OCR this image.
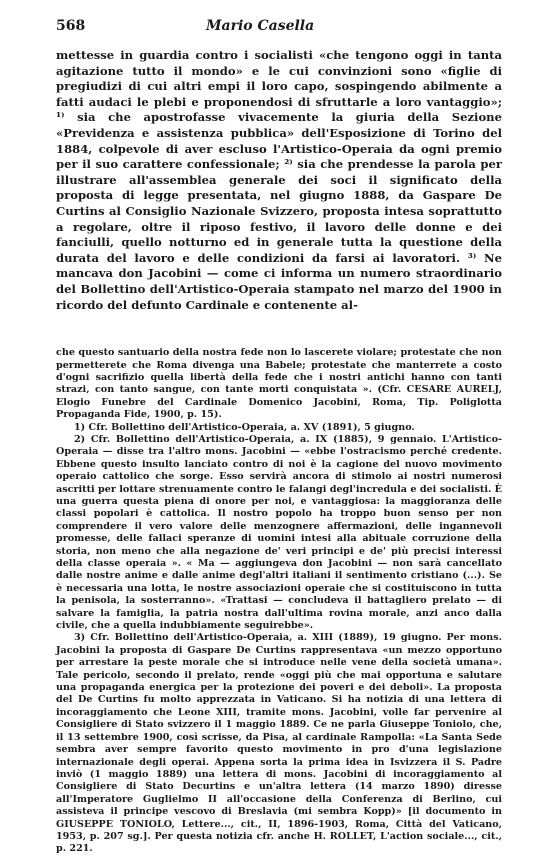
568	Mario Casella

mettesse in guardia contro i socialisti «che tengono oggi in tanta agitazione tutto il mondo» e le cui convinzioni sono «figlie di pregiudizi di cui altri empi il loro capo, sospingendo abilmente a fatti audaci le plebi e proponendosi di sfruttarle a loro vantaggio»; ¹⁾ sia che apostrofasse vivacemente la giuria della Sezione «Previdenza e assistenza pubblica» dell'Esposizione di Torino del 1884, colpevole di aver escluso l'Artistico-Operaia da ogni premio per il suo carattere confessionale; ²⁾ sia che prendesse la parola per illustrare all'assemblea generale dei soci il significato della proposta di legge presentata, nel giugno 1888, da Gaspare De Curtins al Consiglio Nazionale Svizzero, proposta intesa soprattutto a regolare, oltre il riposo festivo, il lavoro delle donne e dei fanciulli, quello notturno ed in generale tutta la questione della durata del lavoro e delle condizioni da farsi ai lavoratori. ³⁾ Ne mancava don Jacobini — come ci informa un numero straordinario del Bollettino dell'Artistico-Operaia stampato nel marzo del 1900 in ricordo del defunto Cardinale e contenente al-

che questo santuario della nostra fede non lo lascerete violare; protestate che non permetterete che Roma divenga una Babele; protestate che manterrete a costo d'ogni sacrifizio quella libertà della fede che i nostri antichi hanno con tanti strazi, con tanto sangue, con tante morti conquistata ». (Cfr. CESARE AURELJ, Elogio Funebre del Cardinale Domenico Jacobini, Roma, Tip. Poliglotta Propaganda Fide, 1900, p. 15).

1) Cfr. Bollettino dell'Artistico-Operaia, a. XV (1891), 5 giugno.

2) Cfr. Bollettino dell'Artistico-Operaia, a. IX (1885), 9 gennaio. L'Artistico-Operaia — disse tra l'altro mons. Jacobini — «ebbe l'ostracismo perché credente. Ebbene questo insulto lanciato contro di noi è la cagione del nuovo movimento operaio cattolico che sorge. Esso servirà ancora di stimolo ai nostri numerosi ascritti per lottare strenuamente contro le falangi degl'incredula e dei socialisti. È una guerra questa piena di onore per noi, e vantaggiosa: la maggioranza delle classi popolari è cattolica. Il nostro popolo ha troppo buon senso per non comprendere il vero valore delle menzognere affermazioni, delle ingannevoli promesse, delle fallaci speranze di uomini intesi alla abituale corruzione della storia, non meno che alla negazione de' veri principi e de' più precisi interessi della classe operaia ». « Ma — aggiungeva don Jacobini — non sarà cancellato dalle nostre anime e dalle anime degl'altri italiani il sentimento cristiano (...). Se è necessaria una lotta, le nostre associazioni operaie che si costituiscono in tutta la penisola, la sosterranno». «Trattasi — concludeva il battagliero prelato — di salvare la famiglia, la patria nostra dall'ultima rovina morale, anzi anco dalla civile, che a quella indubbiamente seguirebbe».

3) Cfr. Bollettino dell'Artistico-Operaia, a. XIII (1889), 19 giugno. Per mons. Jacobini la proposta di Gaspare De Curtins rappresentava «un mezzo opportuno per arrestare la peste morale che si introduce nelle vene della società umana». Tale pericolo, secondo il prelato, rende «oggi più che mai opportuna e salutare una propaganda energica per la protezione dei poveri e dei deboli». La proposta del De Curtins fu molto apprezzata in Vaticano. Si ha notizia di una lettera di incoraggiamento che Leone XIII, tramite mons. Jacobini, volle far pervenire al Consigliere di Stato svizzero il 1 maggio 1889. Ce ne parla Giuseppe Toniolo, che, il 13 settembre 1900, così scrisse, da Pisa, al cardinale Rampolla: «La Santa Sede sembra aver sempre favorito questo movimento in pro d'una legislazione internazionale degli operai. Appena sorta la prima idea in Isvizzera il S. Padre inviò (1 maggio 1889) una lettera di mons. Jacobini di incoraggiamento al Consigliere di Stato Decurtins e un'altra lettera (14 marzo 1890) diresse all'Imperatore Guglielmo II all'occasione della Conferenza di Berlino, cui assisteva il principe vescovo di Breslavia (mi sembra Kopp)» [il documento in GIUSEPPE TONIOLO, Lettere..., cit., II, 1896-1903, Roma, Città del Vaticano, 1953, p. 207 sg.]. Per questa notizia cfr. anche H. ROLLET, L'action sociale..., cit., p. 221.
